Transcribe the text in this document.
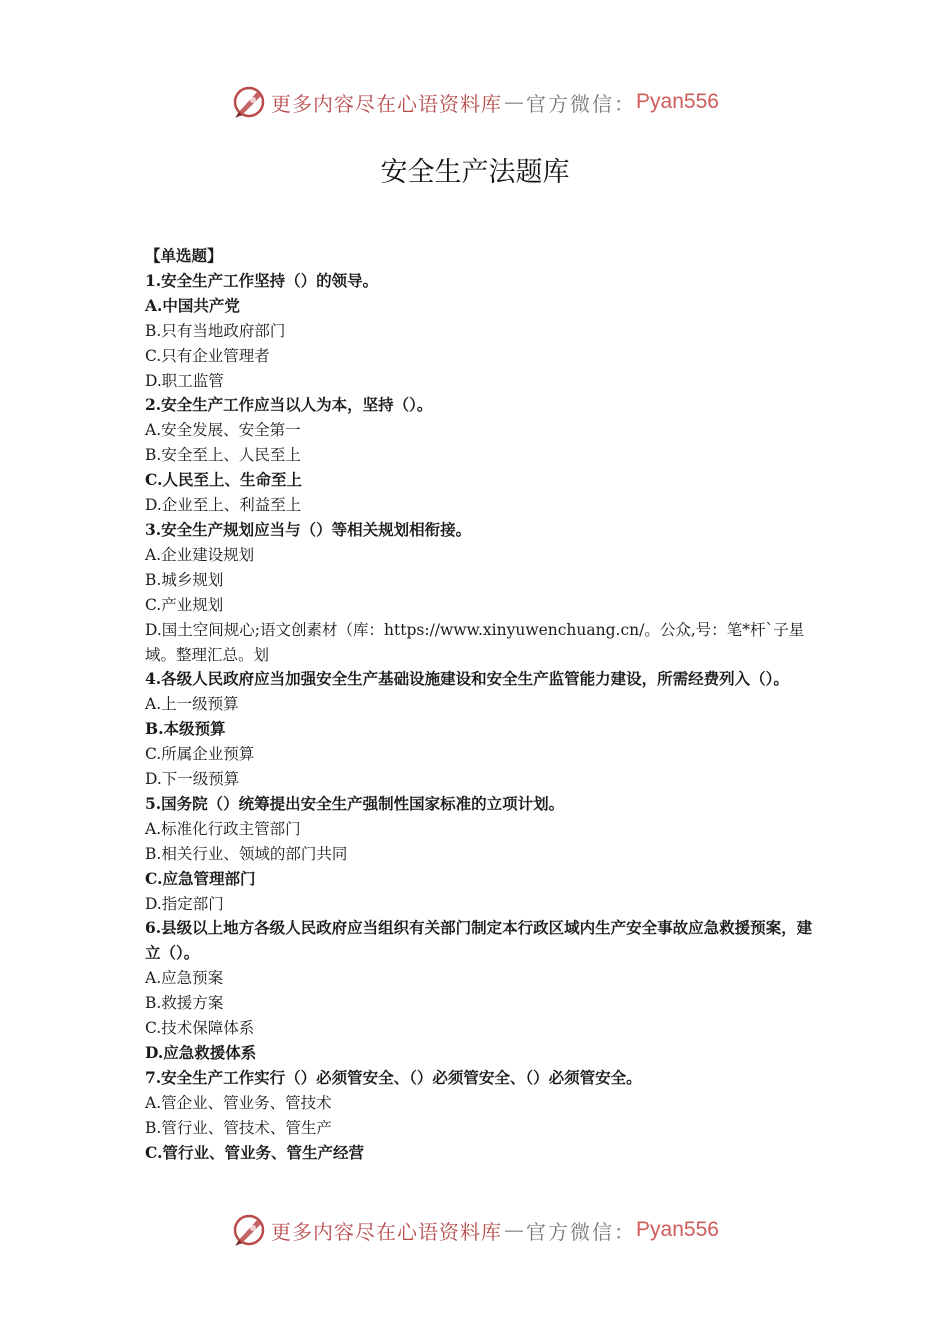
更多内容尽在心语资料库 — 官方微信： Pyan556
安全生产法题库
【单选题】
1.安全生产工作坚持（）的领导。
A.中国共产党
B.只有当地政府部门
C.只有企业管理者
D.职工监管
2.安全生产工作应当以人为本，坚持（）。
A.安全发展、安全第一
B.安全至上、人民至上
C.人民至上、生命至上
D.企业至上、利益至上
3.安全生产规划应当与（）等相关规划相衔接。
A.企业建设规划
B.城乡规划
C.产业规划
D.国土空间规心;语文创素材（库：https://www.xinyuwenchuang.cn/。公众,号：笔*杆`子星域。整理汇总。划
4.各级人民政府应当加强安全生产基础设施建设和安全生产监管能力建设，所需经费列入（）。
A.上一级预算
B.本级预算
C.所属企业预算
D.下一级预算
5.国务院（）统筹提出安全生产强制性国家标准的立项计划。
A.标准化行政主管部门
B.相关行业、领域的部门共同
C.应急管理部门
D.指定部门
6.县级以上地方各级人民政府应当组织有关部门制定本行政区域内生产安全事故应急救援预案，建立（）。
A.应急预案
B.救援方案
C.技术保障体系
D.应急救援体系
7.安全生产工作实行（）必须管安全、（）必须管安全、（）必须管安全。
A.管企业、管业务、管技术
B.管行业、管技术、管生产
C.管行业、管业务、管生产经营
更多内容尽在心语资料库 — 官方微信： Pyan556
